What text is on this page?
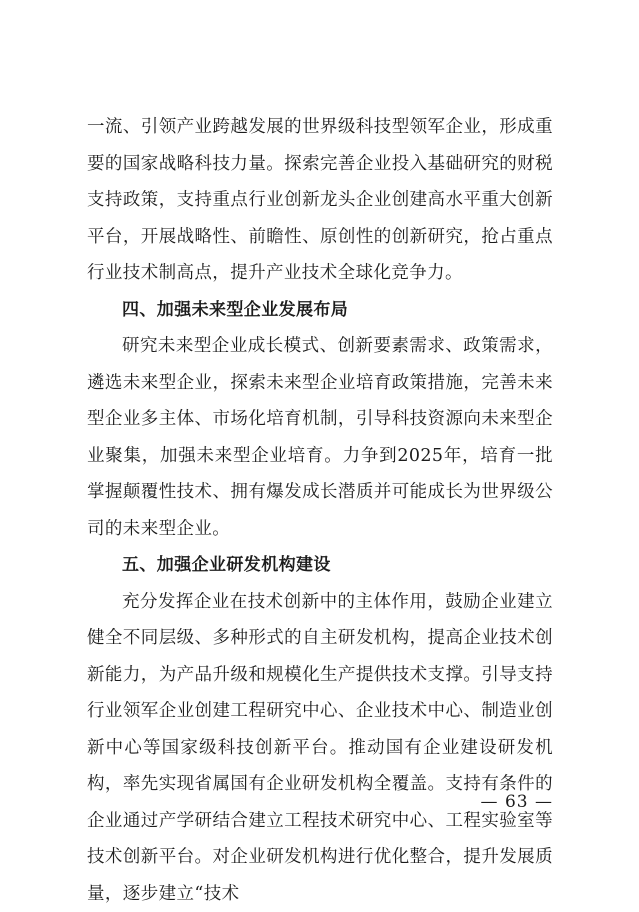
一流、引领产业跨越发展的世界级科技型领军企业，形成重要的国家战略科技力量。探索完善企业投入基础研究的财税支持政策，支持重点行业创新龙头企业创建高水平重大创新平台，开展战略性、前瞻性、原创性的创新研究，抢占重点行业技术制高点，提升产业技术全球化竞争力。

四、加强未来型企业发展布局

研究未来型企业成长模式、创新要素需求、政策需求，遴选未来型企业，探索未来型企业培育政策措施，完善未来型企业多主体、市场化培育机制，引导科技资源向未来型企业聚集，加强未来型企业培育。力争到2025年，培育一批掌握颠覆性技术、拥有爆发成长潜质并可能成长为世界级公司的未来型企业。

五、加强企业研发机构建设

充分发挥企业在技术创新中的主体作用，鼓励企业建立健全不同层级、多种形式的自主研发机构，提高企业技术创新能力，为产品升级和规模化生产提供技术支撑。引导支持行业领军企业创建工程研究中心、企业技术中心、制造业创新中心等国家级科技创新平台。推动国有企业建设研发机构，率先实现省属国有企业研发机构全覆盖。支持有条件的企业通过产学研结合建立工程技术研究中心、工程实验室等技术创新平台。对企业研发机构进行优化整合，提升发展质量，逐步建立“技术

— 63 —
